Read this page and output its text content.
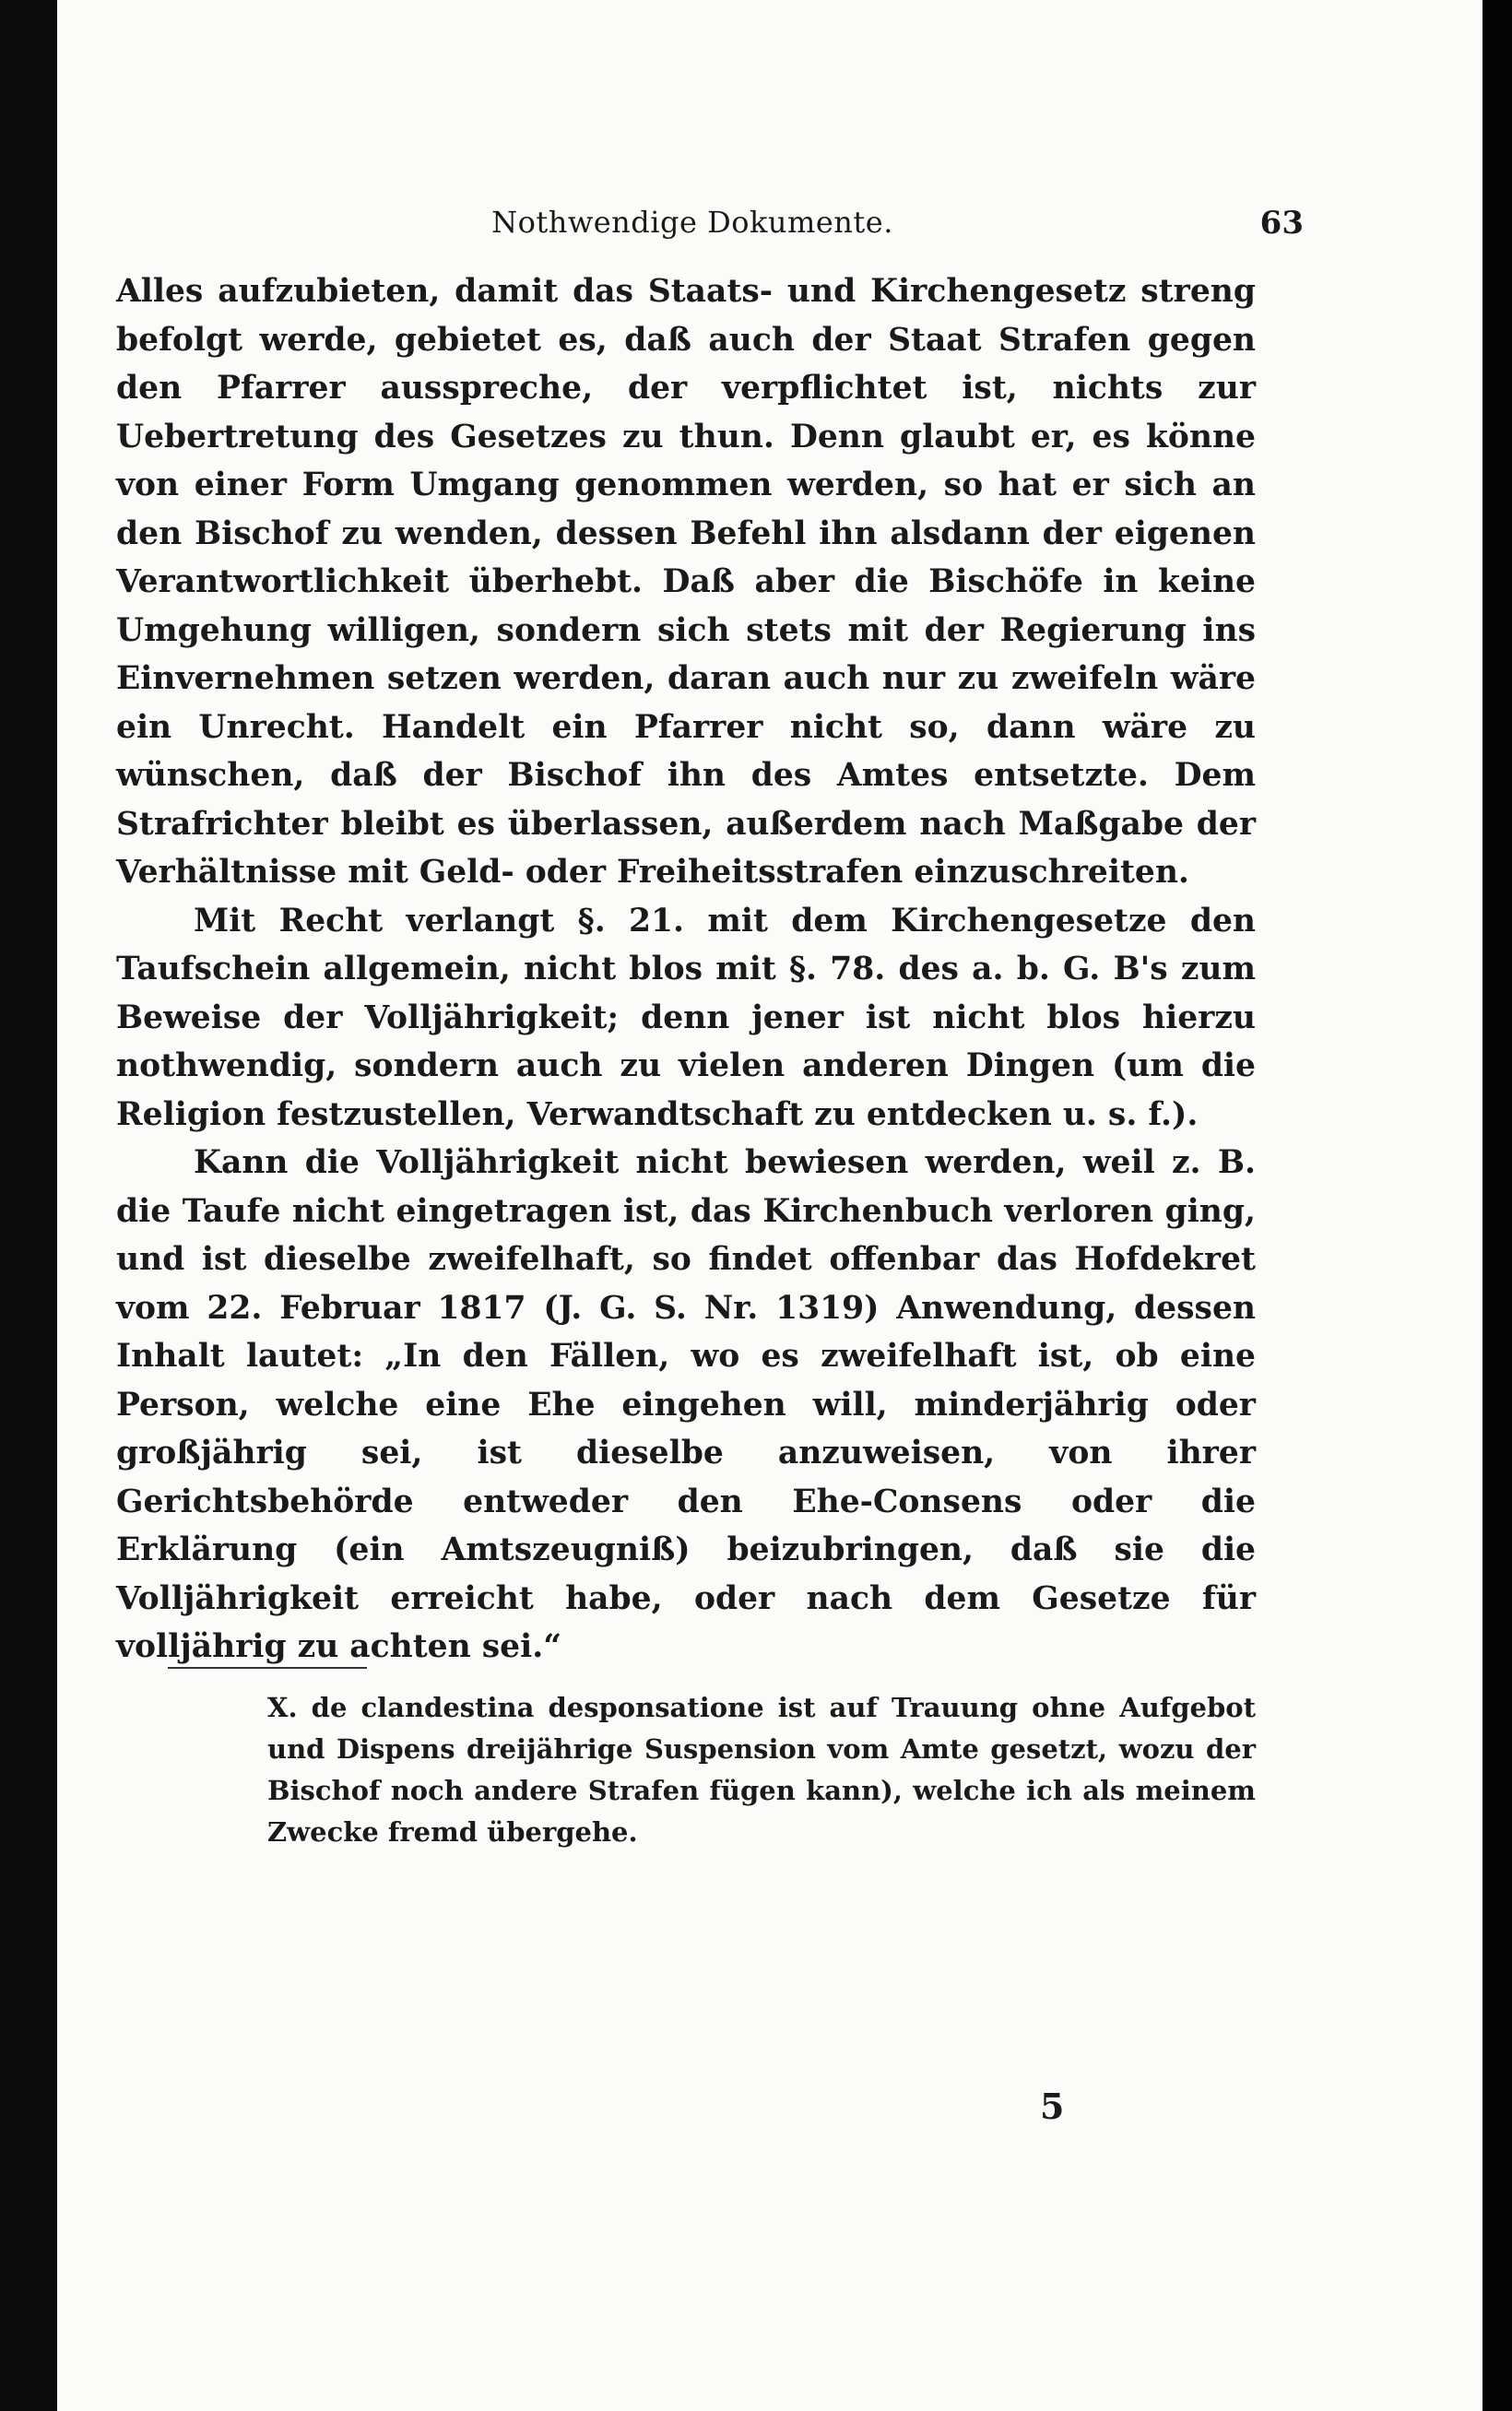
Nothwendige Dokumente.	63

Alles aufzubieten, damit das Staats- und Kirchengesetz streng befolgt werde, gebietet es, daß auch der Staat Strafen gegen den Pfarrer ausspreche, der verpflichtet ist, nichts zur Uebertretung des Gesetzes zu thun. Denn glaubt er, es könne von einer Form Umgang genommen werden, so hat er sich an den Bischof zu wenden, dessen Befehl ihn alsdann der eigenen Verantwortlichkeit überhebt. Daß aber die Bischöfe in keine Umgehung willigen, sondern sich stets mit der Regierung ins Einvernehmen setzen werden, daran auch nur zu zweifeln wäre ein Unrecht. Handelt ein Pfarrer nicht so, dann wäre zu wünschen, daß der Bischof ihn des Amtes entsetzte. Dem Strafrichter bleibt es überlassen, außerdem nach Maßgabe der Verhältnisse mit Geld- oder Freiheitsstrafen einzuschreiten.

Mit Recht verlangt §. 21. mit dem Kirchengesetze den Taufschein allgemein, nicht blos mit §. 78. des a. b. G. B's zum Beweise der Volljährigkeit; denn jener ist nicht blos hierzu nothwendig, sondern auch zu vielen anderen Dingen (um die Religion festzustellen, Verwandtschaft zu entdecken u. s. f.).

Kann die Volljährigkeit nicht bewiesen werden, weil z. B. die Taufe nicht eingetragen ist, das Kirchenbuch verloren ging, und ist dieselbe zweifelhaft, so findet offenbar das Hofdekret vom 22. Februar 1817 (J. G. S. Nr. 1319) Anwendung, dessen Inhalt lautet: „In den Fällen, wo es zweifelhaft ist, ob eine Person, welche eine Ehe eingehen will, minderjährig oder großjährig sei, ist dieselbe anzuweisen, von ihrer Gerichtsbehörde entweder den Ehe-Consens oder die Erklärung (ein Amtszeugniß) beizubringen, daß sie die Volljährigkeit erreicht habe, oder nach dem Gesetze für volljährig zu achten sei.“

X. de clandestina desponsatione ist auf Trauung ohne Aufgebot und Dispens dreijährige Suspension vom Amte gesetzt, wozu der Bischof noch andere Strafen fügen kann), welche ich als meinem Zwecke fremd übergehe.
5
